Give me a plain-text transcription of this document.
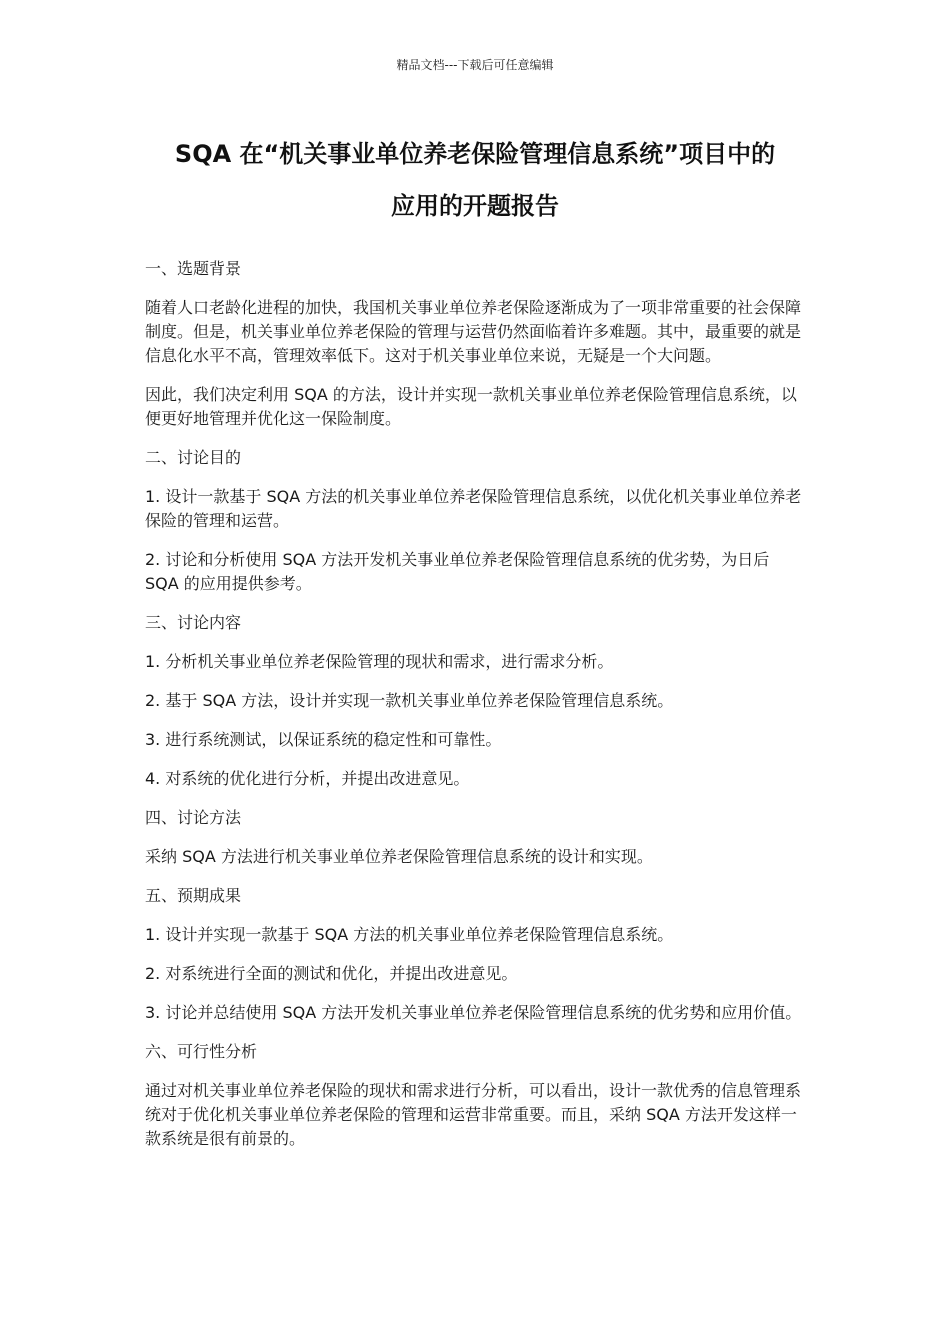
精品文档---下载后可任意编辑
SQA 在“机关事业单位养老保险管理信息系统”项目中的
应用的开题报告
一、选题背景

随着人口老龄化进程的加快，我国机关事业单位养老保险逐渐成为了一项非常重要的社会保障制度。但是，机关事业单位养老保险的管理与运营仍然面临着许多难题。其中，最重要的就是信息化水平不高，管理效率低下。这对于机关事业单位来说，无疑是一个大问题。

因此，我们决定利用 SQA 的方法，设计并实现一款机关事业单位养老保险管理信息系统，以便更好地管理并优化这一保险制度。

二、讨论目的

1. 设计一款基于 SQA 方法的机关事业单位养老保险管理信息系统，以优化机关事业单位养老保险的管理和运营。

2. 讨论和分析使用 SQA 方法开发机关事业单位养老保险管理信息系统的优劣势，为日后 SQA 的应用提供参考。

三、讨论内容

1. 分析机关事业单位养老保险管理的现状和需求，进行需求分析。

2. 基于 SQA 方法，设计并实现一款机关事业单位养老保险管理信息系统。

3. 进行系统测试，以保证系统的稳定性和可靠性。

4. 对系统的优化进行分析，并提出改进意见。

四、讨论方法

采纳 SQA 方法进行机关事业单位养老保险管理信息系统的设计和实现。

五、预期成果

1. 设计并实现一款基于 SQA 方法的机关事业单位养老保险管理信息系统。

2. 对系统进行全面的测试和优化，并提出改进意见。

3. 讨论并总结使用 SQA 方法开发机关事业单位养老保险管理信息系统的优劣势和应用价值。

六、可行性分析

通过对机关事业单位养老保险的现状和需求进行分析，可以看出，设计一款优秀的信息管理系统对于优化机关事业单位养老保险的管理和运营非常重要。而且，采纳 SQA 方法开发这样一款系统是很有前景的。
